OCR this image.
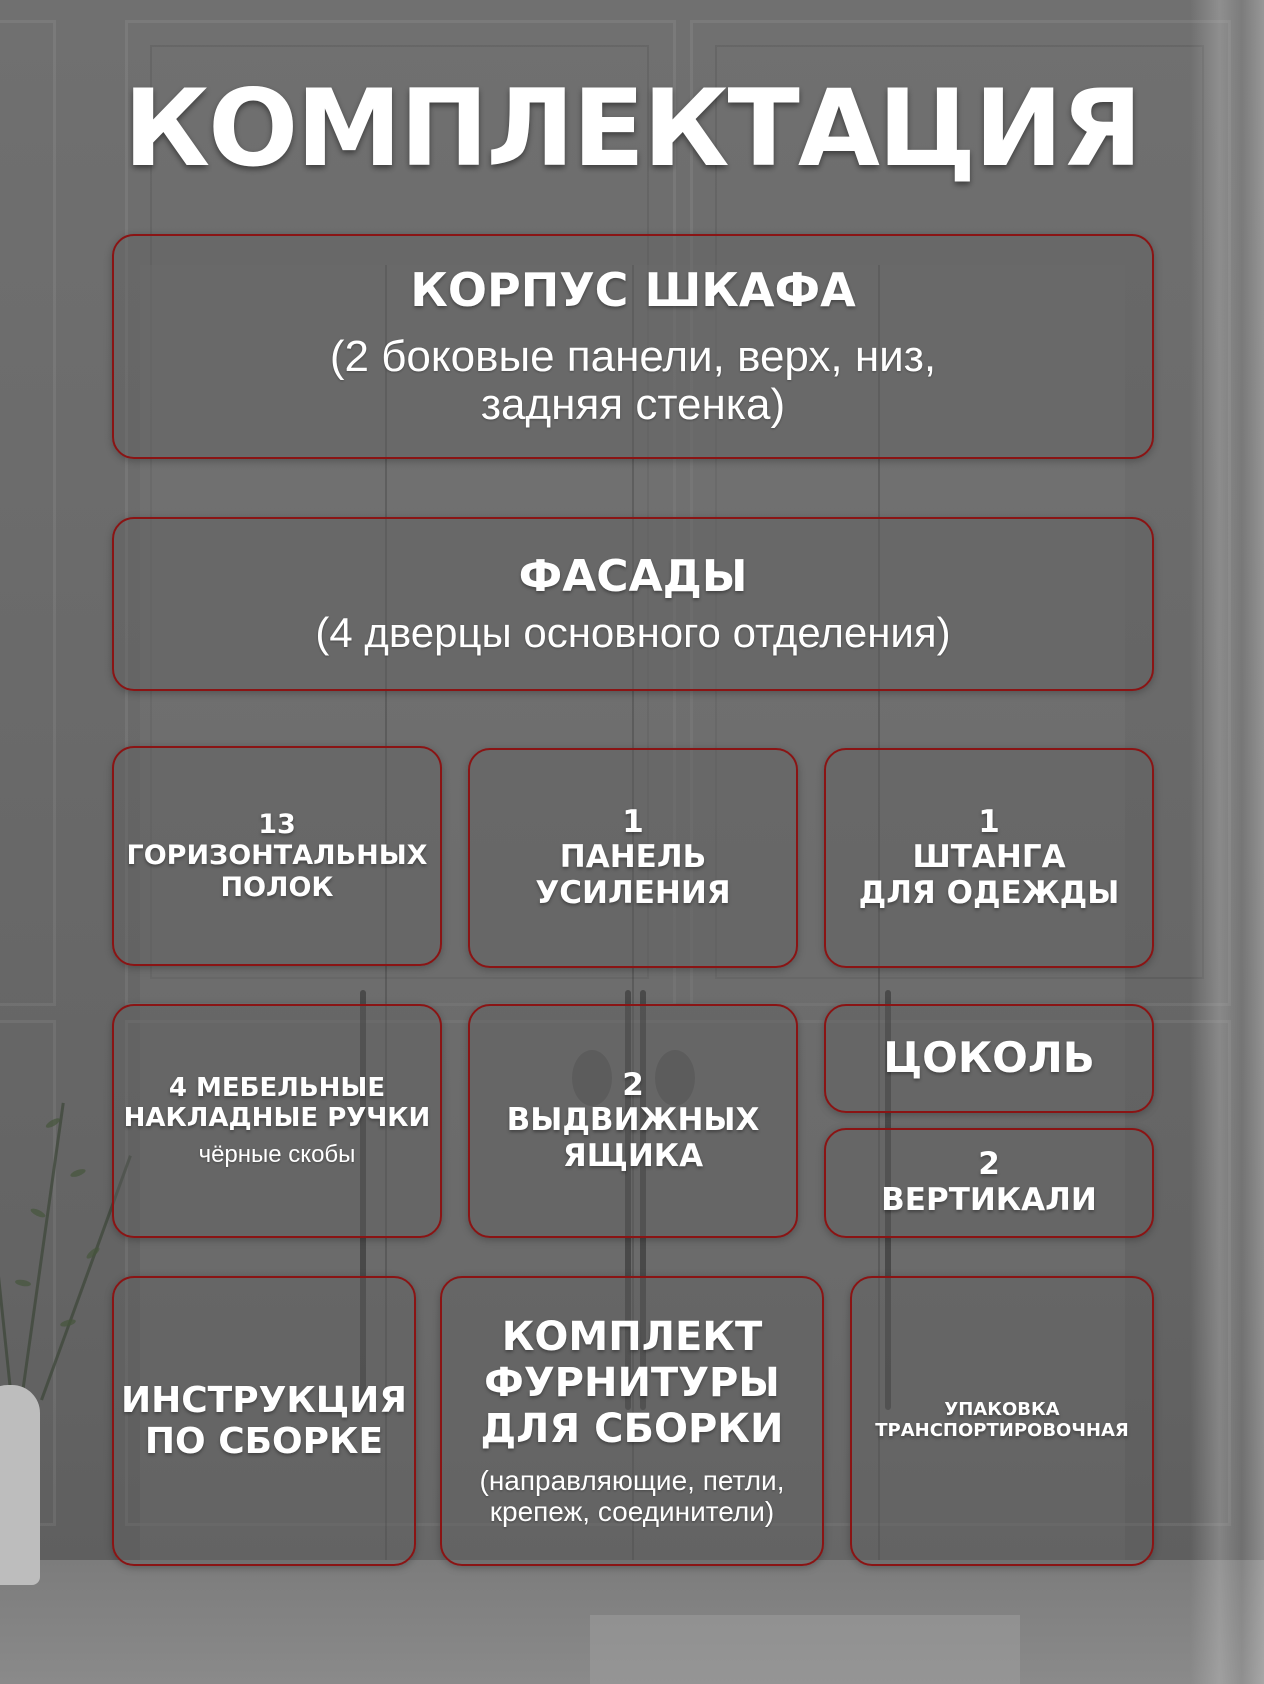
КОМПЛЕКТАЦИЯ
КОРПУС ШКАФА
(2 боковые панели, верх, низ,
задняя стенка)
ФАСАДЫ
(4 дверцы основного отделения)
13
ГОРИЗОНТАЛЬНЫХ
ПОЛОК
1
ПАНЕЛЬ
УСИЛЕНИЯ
1
ШТАНГА
ДЛЯ ОДЕЖДЫ
4 МЕБЕЛЬНЫЕ
НАКЛАДНЫЕ РУЧКИ
чёрные скобы
2
ВЫДВИЖНЫХ
ЯЩИКА
ЦОКОЛЬ
2
ВЕРТИКАЛИ
ИНСТРУКЦИЯ
ПО СБОРКЕ
КОМПЛЕКТ
ФУРНИТУРЫ
ДЛЯ СБОРКИ
(направляющие, петли,
крепеж, соединители)
УПАКОВКА
ТРАНСПОРТИРОВОЧНАЯ
